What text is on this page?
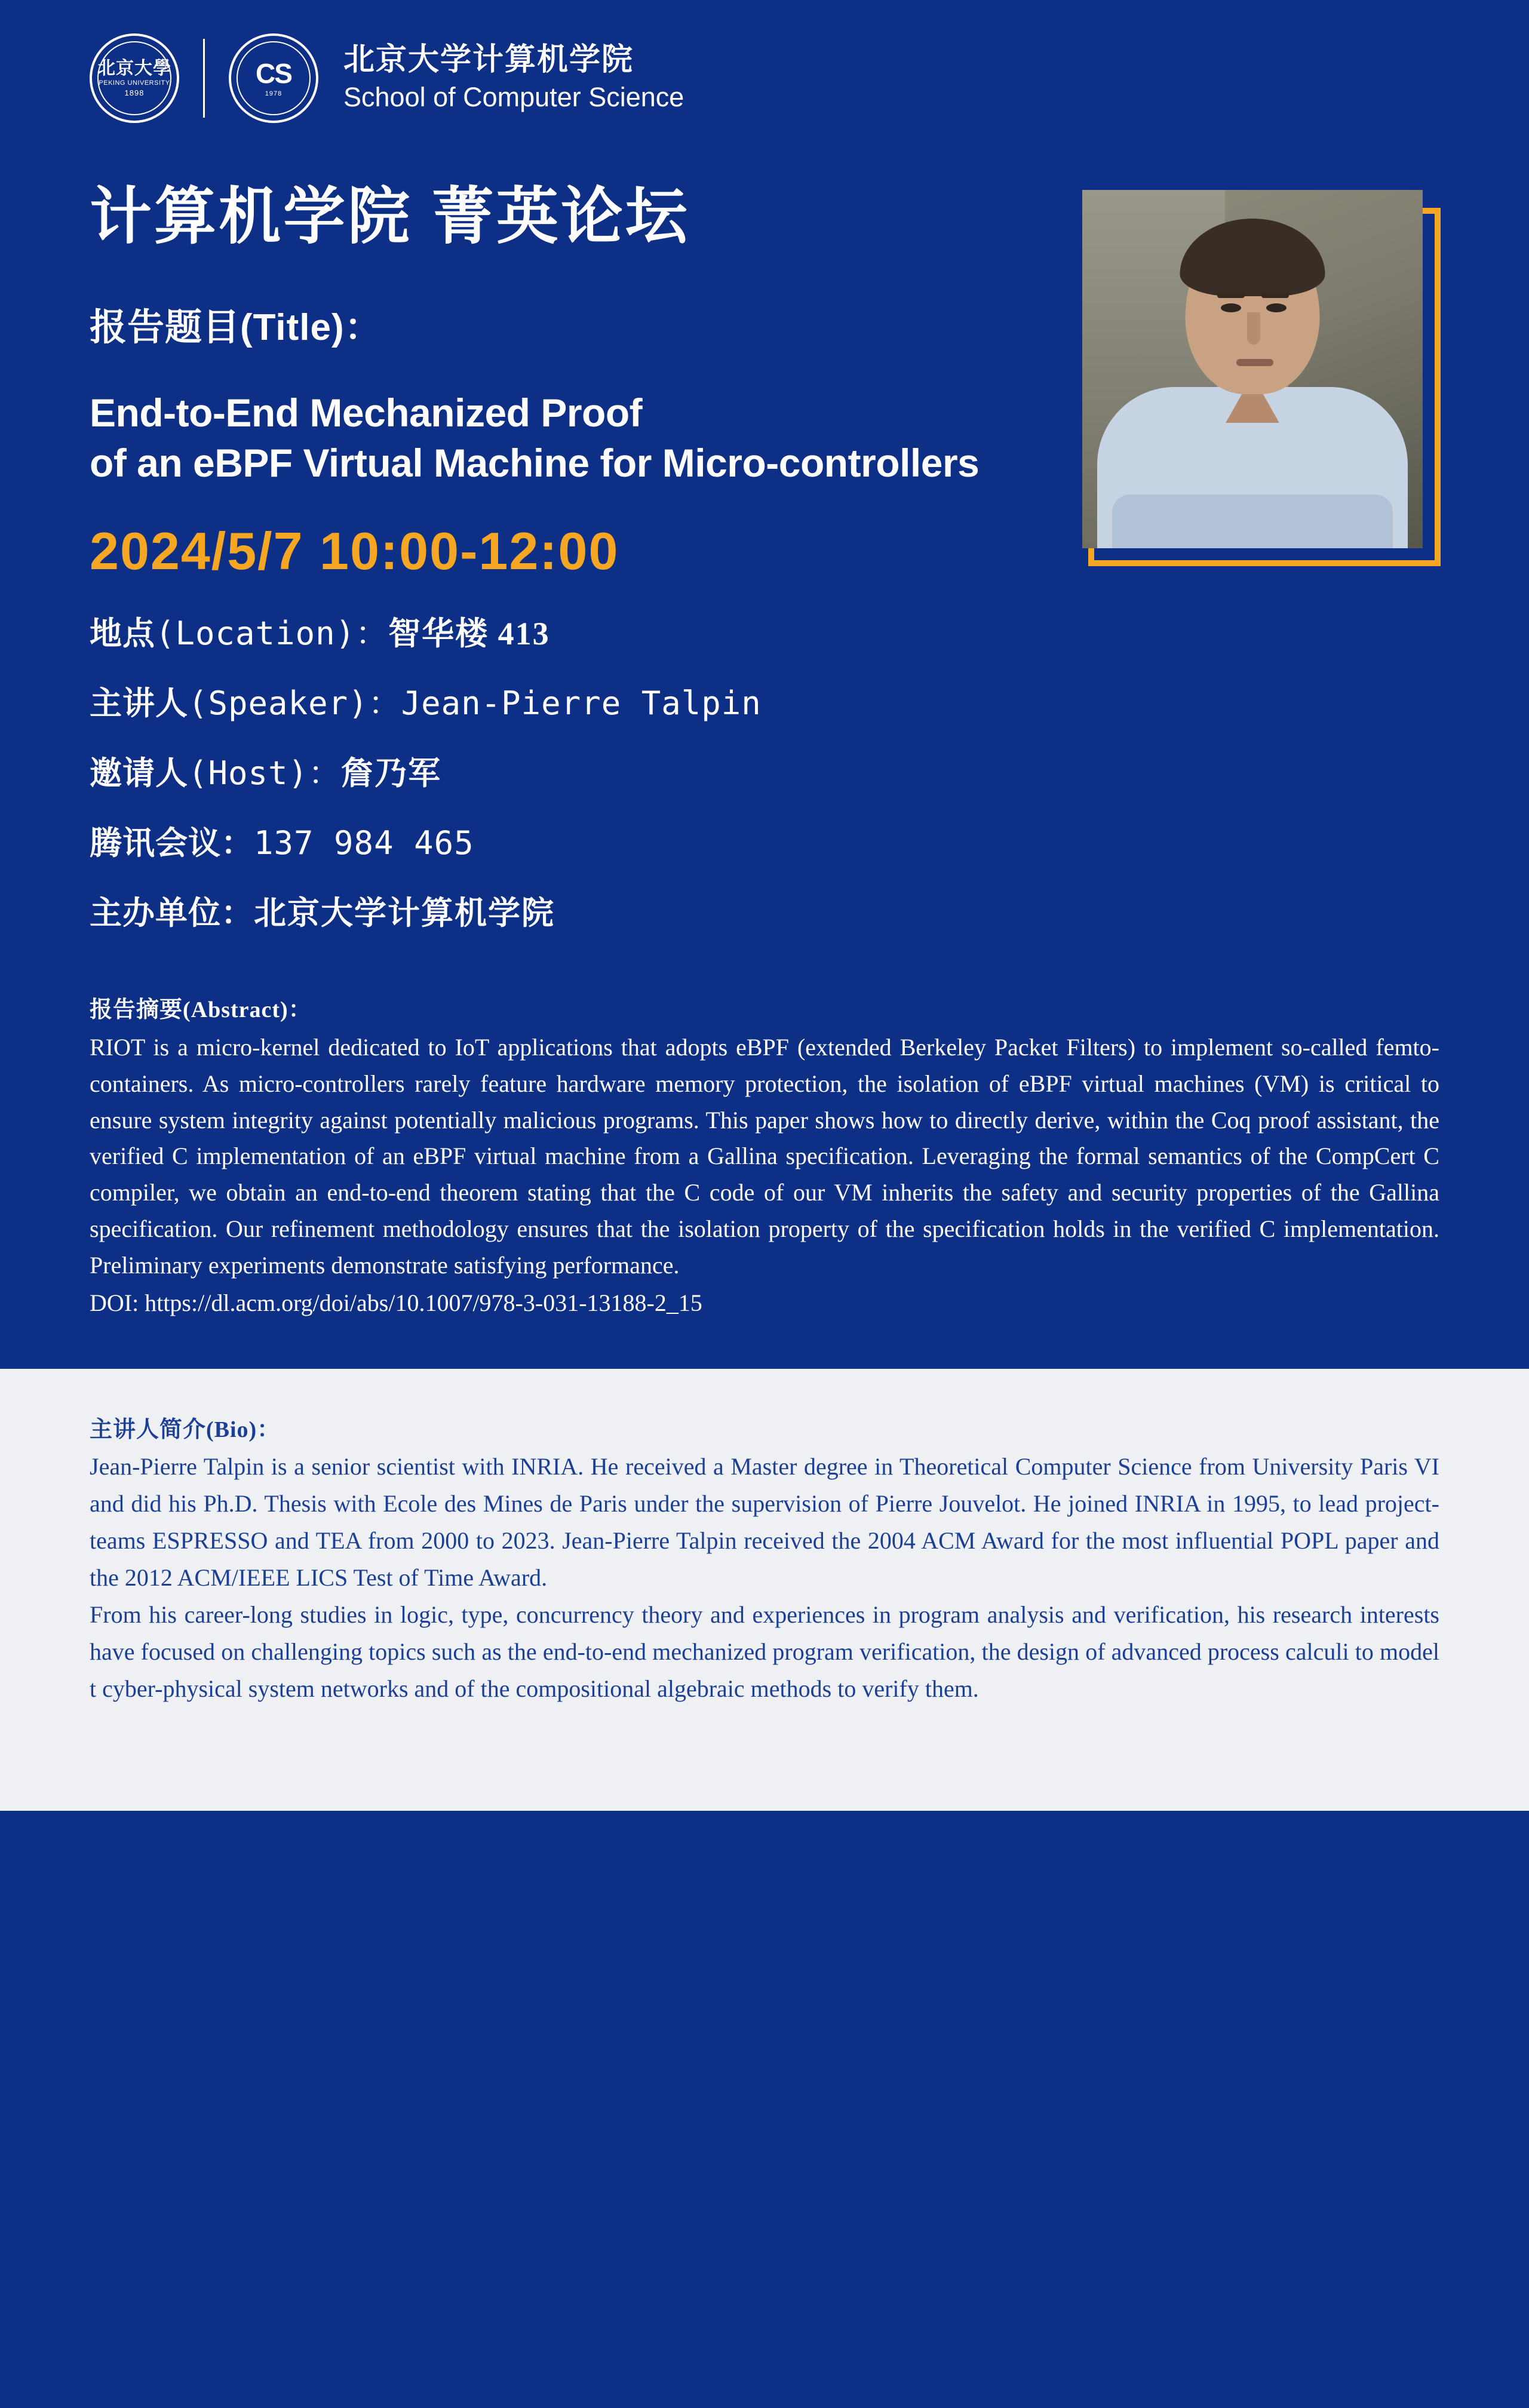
北京大學
PEKING UNIVERSITY
1898
CS
1978
北京大学计算机学院
School of Computer Science
计算机学院 菁英论坛
报告题目(Title)：
End-to-End Mechanized Proof
of an eBPF Virtual Machine for Micro-controllers
2024/5/7 10:00-12:00
地点(Location)：智华楼 413
主讲人(Speaker)：Jean-Pierre Talpin
邀请人(Host)：詹乃军
腾讯会议：137 984 465
主办单位：北京大学计算机学院
报告摘要(Abstract)：
RIOT is a micro-kernel dedicated to IoT applications that adopts eBPF (extended Berkeley Packet Filters) to implement so-called femto-containers. As micro-controllers rarely feature hardware memory protection, the isolation of eBPF virtual machines (VM) is critical to ensure system integrity against potentially malicious programs. This paper shows how to directly derive, within the Coq proof assistant, the verified C implementation of an eBPF virtual machine from a Gallina specification. Leveraging the formal semantics of the CompCert C compiler, we obtain an end-to-end theorem stating that the C code of our VM inherits the safety and security properties of the Gallina specification. Our refinement methodology ensures that the isolation property of the specification holds in the verified C implementation. Preliminary experiments demonstrate satisfying performance.
DOI: https://dl.acm.org/doi/abs/10.1007/978-3-031-13188-2_15
主讲人简介(Bio)：

Jean-Pierre Talpin is a senior scientist with INRIA. He received a Master degree in Theoretical Computer Science from University Paris VI and did his Ph.D. Thesis with Ecole des Mines de Paris under the supervision of Pierre Jouvelot. He joined INRIA in 1995, to lead project-teams ESPRESSO and TEA from 2000 to 2023. Jean-Pierre Talpin received the 2004 ACM Award for the most influential POPL paper and the 2012 ACM/IEEE LICS Test of Time Award.

From his career-long studies in logic, type, concurrency theory and experiences in program analysis and verification, his research interests have focused on challenging topics such as the end-to-end mechanized program verification, the design of advanced process calculi to model t cyber-physical system networks and of the compositional algebraic methods to verify them.
